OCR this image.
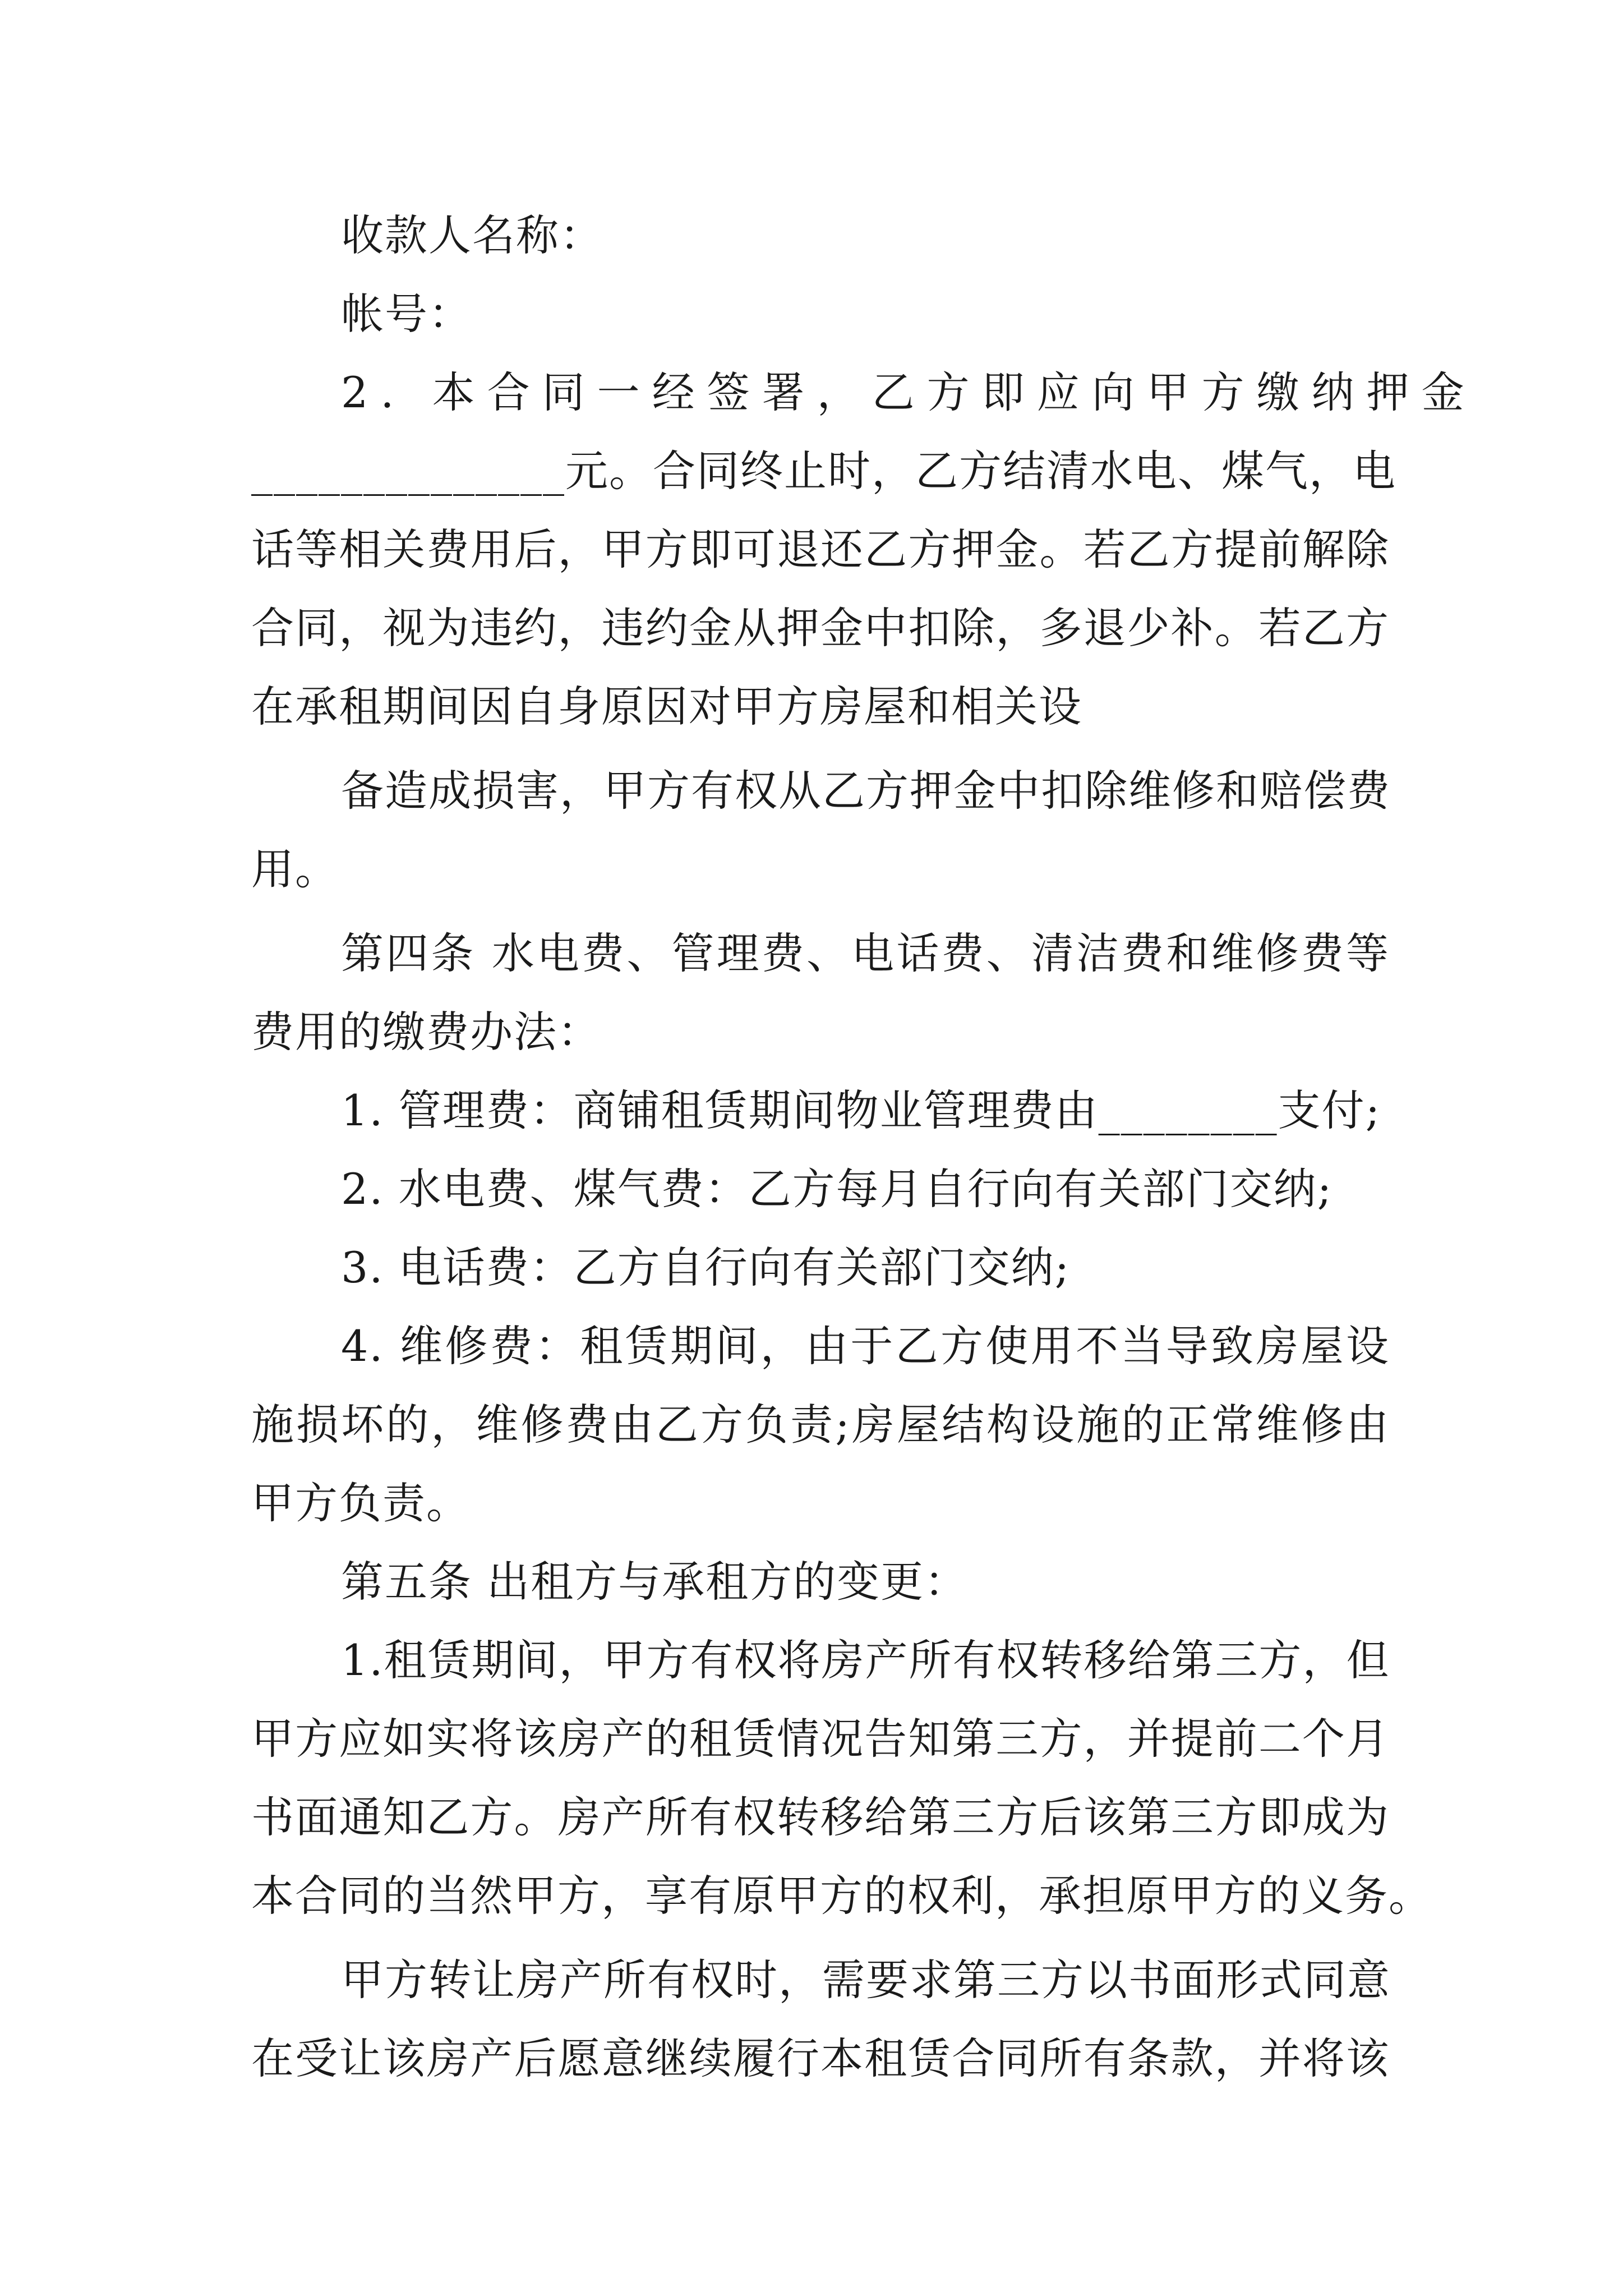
收款人名称：
帐号：
2. 本合同一经签署，乙方即应向甲方缴纳押金
______________元。合同终止时，乙方结清水电、煤气，电
话等相关费用后，甲方即可退还乙方押金。若乙方提前解除
合同，视为违约，违约金从押金中扣除，多退少补。若乙方
在承租期间因自身原因对甲方房屋和相关设
备造成损害，甲方有权从乙方押金中扣除维修和赔偿费
用。
第四条 水电费、管理费、电话费、清洁费和维修费等
费用的缴费办法：
1. 管理费：商铺租赁期间物业管理费由________支付;
2. 水电费、煤气费：乙方每月自行向有关部门交纳;
3. 电话费：乙方自行向有关部门交纳;
4. 维修费：租赁期间，由于乙方使用不当导致房屋设
施损坏的，维修费由乙方负责;房屋结构设施的正常维修由
甲方负责。
第五条 出租方与承租方的变更：
1.租赁期间，甲方有权将房产所有权转移给第三方，但
甲方应如实将该房产的租赁情况告知第三方，并提前二个月
书面通知乙方。房产所有权转移给第三方后该第三方即成为
本合同的当然甲方，享有原甲方的权利，承担原甲方的义务。
甲方转让房产所有权时，需要求第三方以书面形式同意
在受让该房产后愿意继续履行本租赁合同所有条款，并将该
